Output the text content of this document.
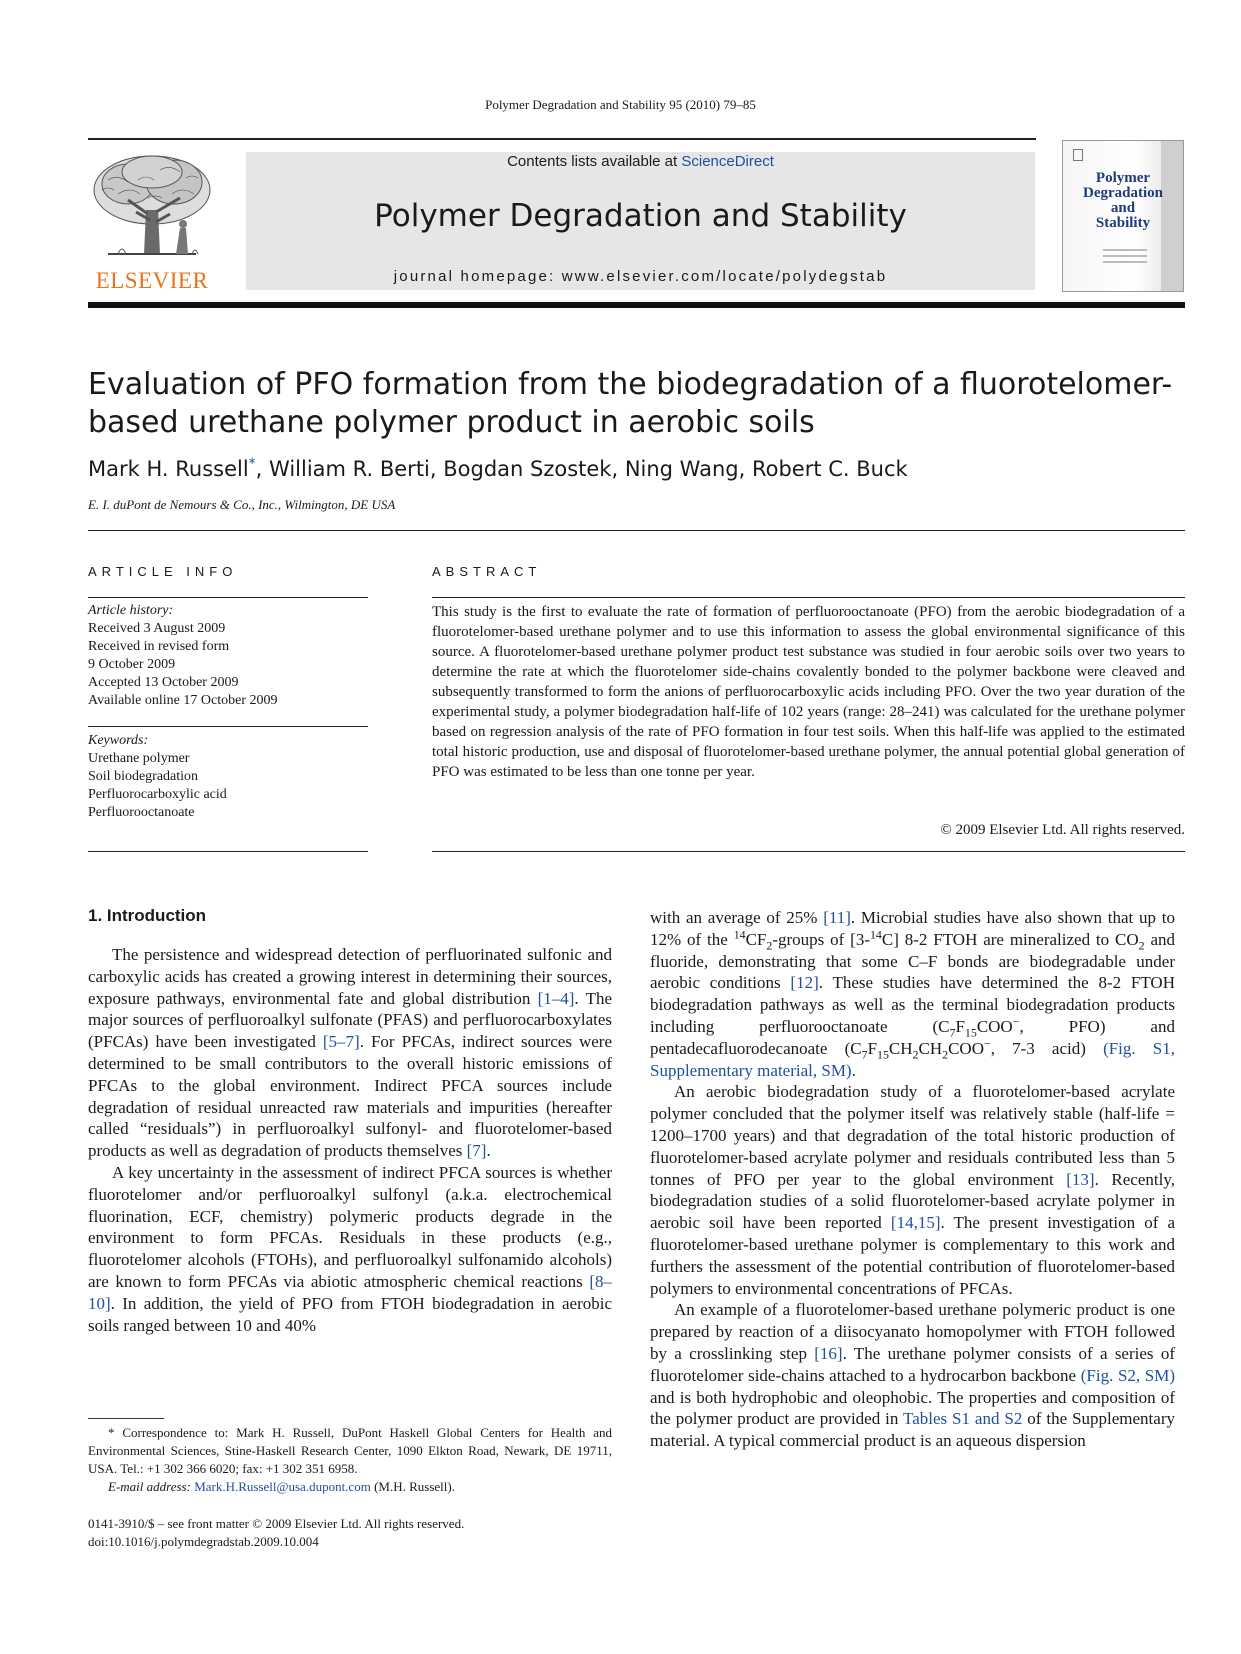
Polymer Degradation and Stability 95 (2010) 79–85
ELSEVIER
Contents lists available at ScienceDirect
Polymer Degradation and Stability
journal homepage: www.elsevier.com/locate/polydegstab
Polymer
Degradation
and
Stability
Evaluation of PFO formation from the biodegradation of a fluorotelomer-based urethane polymer product in aerobic soils
Mark H. Russell*, William R. Berti, Bogdan Szostek, Ning Wang, Robert C. Buck
E. I. duPont de Nemours & Co., Inc., Wilmington, DE USA
ARTICLE INFO	ABSTRACT
Article history:
Received 3 August 2009
Received in revised form
9 October 2009
Accepted 13 October 2009
Available online 17 October 2009
Keywords:
Urethane polymer
Soil biodegradation
Perfluorocarboxylic acid
Perfluorooctanoate
This study is the first to evaluate the rate of formation of perfluorooctanoate (PFO) from the aerobic biodegradation of a fluorotelomer-based urethane polymer and to use this information to assess the global environmental significance of this source. A fluorotelomer-based urethane polymer product test substance was studied in four aerobic soils over two years to determine the rate at which the fluorotelomer side-chains covalently bonded to the polymer backbone were cleaved and subsequently transformed to form the anions of perfluorocarboxylic acids including PFO. Over the two year duration of the experimental study, a polymer biodegradation half-life of 102 years (range: 28–241) was calculated for the urethane polymer based on regression analysis of the rate of PFO formation in four test soils. When this half-life was applied to the estimated total historic production, use and disposal of fluorotelomer-based urethane polymer, the annual potential global generation of PFO was estimated to be less than one tonne per year.
© 2009 Elsevier Ltd. All rights reserved.
1. Introduction

The persistence and widespread detection of perfluorinated sulfonic and carboxylic acids has created a growing interest in determining their sources, exposure pathways, environmental fate and global distribution [1–4]. The major sources of perfluoroalkyl sulfonate (PFAS) and perfluorocarboxylates (PFCAs) have been investigated [5–7]. For PFCAs, indirect sources were determined to be small contributors to the overall historic emissions of PFCAs to the global environment. Indirect PFCA sources include degradation of residual unreacted raw materials and impurities (hereafter called “residuals”) in perfluoroalkyl sulfonyl- and fluorotelomer-based products as well as degradation of products themselves [7].

A key uncertainty in the assessment of indirect PFCA sources is whether fluorotelomer and/or perfluoroalkyl sulfonyl (a.k.a. electrochemical fluorination, ECF, chemistry) polymeric products degrade in the environment to form PFCAs. Residuals in these products (e.g., fluorotelomer alcohols (FTOHs), and perfluoroalkyl sulfonamido alcohols) are known to form PFCAs via abiotic atmospheric chemical reactions [8–10]. In addition, the yield of PFO from FTOH biodegradation in aerobic soils ranged between 10 and 40%

with an average of 25% [11]. Microbial studies have also shown that up to 12% of the $^{14}CF_2$-groups of [3-$^{14}$C] 8-2 FTOH are mineralized to $CO_2$ and fluoride, demonstrating that some C–F bonds are biodegradable under aerobic conditions [12]. These studies have determined the 8-2 FTOH biodegradation pathways as well as the terminal biodegradation products including perfluorooctanoate ($C_7F_{15}COO^-$, PFO) and pentadecafluorodecanoate ($C_7F_{15}CH_2CH_2COO^-$, 7-3 acid) (Fig. S1, Supplementary material, SM).

An aerobic biodegradation study of a fluorotelomer-based acrylate polymer concluded that the polymer itself was relatively stable (half-life = 1200–1700 years) and that degradation of the total historic production of fluorotelomer-based acrylate polymer and residuals contributed less than 5 tonnes of PFO per year to the global environment [13]. Recently, biodegradation studies of a solid fluorotelomer-based acrylate polymer in aerobic soil have been reported [14,15]. The present investigation of a fluorotelomer-based urethane polymer is complementary to this work and furthers the assessment of the potential contribution of fluorotelomer-based polymers to environmental concentrations of PFCAs.

An example of a fluorotelomer-based urethane polymeric product is one prepared by reaction of a diisocyanato homopolymer with FTOH followed by a crosslinking step [16]. The urethane polymer consists of a series of fluorotelomer side-chains attached to a hydrocarbon backbone (Fig. S2, SM) and is both hydrophobic and oleophobic. The properties and composition of the polymer product are provided in Tables S1 and S2 of the Supplementary material. A typical commercial product is an aqueous dispersion

* Correspondence to: Mark H. Russell, DuPont Haskell Global Centers for Health and Environmental Sciences, Stine-Haskell Research Center, 1090 Elkton Road, Newark, DE 19711, USA. Tel.: +1 302 366 6020; fax: +1 302 351 6958.
E-mail address: Mark.H.Russell@usa.dupont.com (M.H. Russell).
0141-3910/$ – see front matter © 2009 Elsevier Ltd. All rights reserved.
doi:10.1016/j.polymdegradstab.2009.10.004
